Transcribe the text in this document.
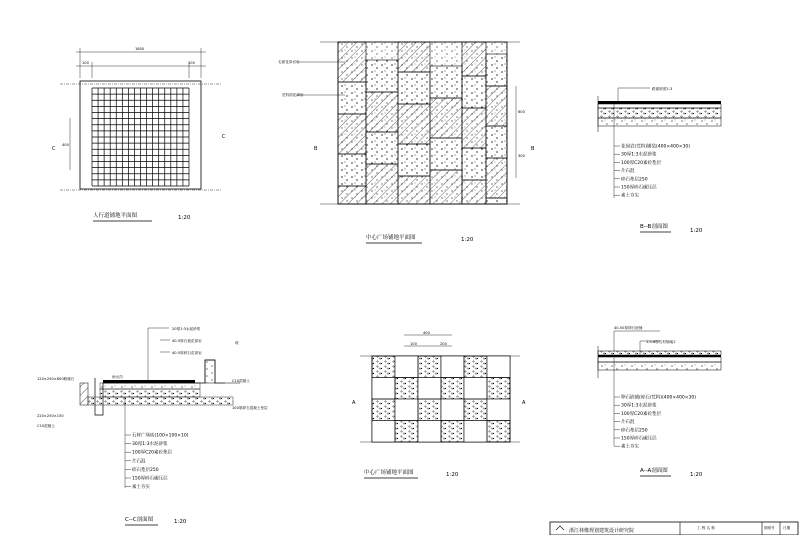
1800
100	100
400
C
C
人行道铺地平面图	1:20
毛面花岗岩石
荒料面花岗岩
600
300
B	B
中心广场铺地平面图	1:20
路面坡度2-3
花岗岩(荒料)铺装(400×400×30)
30厚1:3水泥砂浆
100厚C20素砼垫层
片石混
碎石垫层250
150厚碎石碾压层
素土夯实
B--B剖面图
1:20
20厚1:3水泥砂浆
40-5厚石板花岗岩
40-5厚碎石花岗岩
雨水沟
坡
120×250×600路缘石
220×250×150
C10混凝土
C10混凝土
100厚碎石混凝土垫层
石材广场砖(100×100×10)
30厚1:3水泥砂浆
100厚C20素砼垫层
片石混
碎石垫层250
150厚碎石碾压层
素土夯实
C--C剖面图	1:20
400
100	200
A	A
中心广场铺地平面图	1:20
40-50厚卵石嵌铺
1.5-6厚石材铺地2
卵石嵌铺(碎石/荒料)(400×400×30)
30厚1:3水泥砂浆
100厚C20素砼垫层
片石混
碎石垫层250
150厚碎石碾压层
素土夯实
A--A剖面图
1:20
浙江林橡规划建筑设计研究院	工 程 名 称	图纸号 日期
